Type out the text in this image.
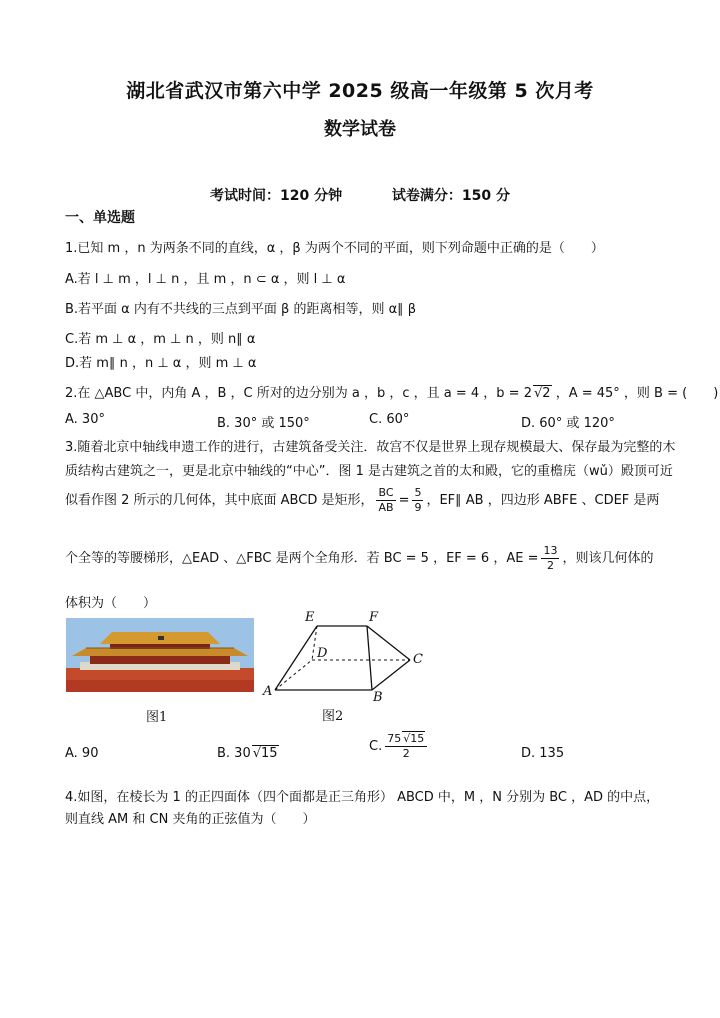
湖北省武汉市第六中学 2025 级高一年级第 5 次月考
数学试卷
考试时间：120 分钟	试卷满分：150 分
一、单选题
1.已知 m ，n 为两条不同的直线，α ，β 为两个不同的平面，则下列命题中正确的是（　　）
A.若 l ⊥ m ，l ⊥ n ，且 m ，n ⊂ α ，则 l ⊥ α
B.若平面 α 内有不共线的三点到平面 β 的距离相等，则 α∥ β
C.若 m ⊥ α ，m ⊥ n ，则 n∥ α
D.若 m∥ n ，n ⊥ α ，则 m ⊥ α
2.在 △ABC 中，内角 A ，B ，C 所对的边分别为 a ，b ，c ，且 a = 4 ，b = 2 √2 ，A = 45° ，则 B = (　　)
A. 30°	B. 30° 或 150°	C. 60°	D. 60° 或 120°
3.随着北京中轴线申遗工作的进行，古建筑备受关注．故宫不仅是世界上现存规模最大、保存最为完整的木
质结构古建筑之一，更是北京中轴线的“中心”．图 1 是古建筑之首的太和殿，它的重檐庑（wǔ）殿顶可近
似看作图 2 所示的几何体，其中底面 ABCD 是矩形， $\frac{BC}{AB} = \frac{5}{9}$ ，EF∥ AB ，四边形 ABFE 、CDEF 是两
个全等的等腰梯形，△EAD 、△FBC 是两个全角形．若 BC = 5 ，EF = 6 ，AE = $\frac{13}{2}$ ，则该几何体的
体积为（　　）
图1
E	F
D	C
A	B
图2
A. 90	B. 30 √15	C. $\frac{75 √15}{2}$	D. 135
4.如图，在棱长为 1 的正四面体（四个面都是正三角形） ABCD 中，M ，N 分别为 BC ，AD 的中点，
则直线 AM 和 CN 夹角的正弦值为（　　）
